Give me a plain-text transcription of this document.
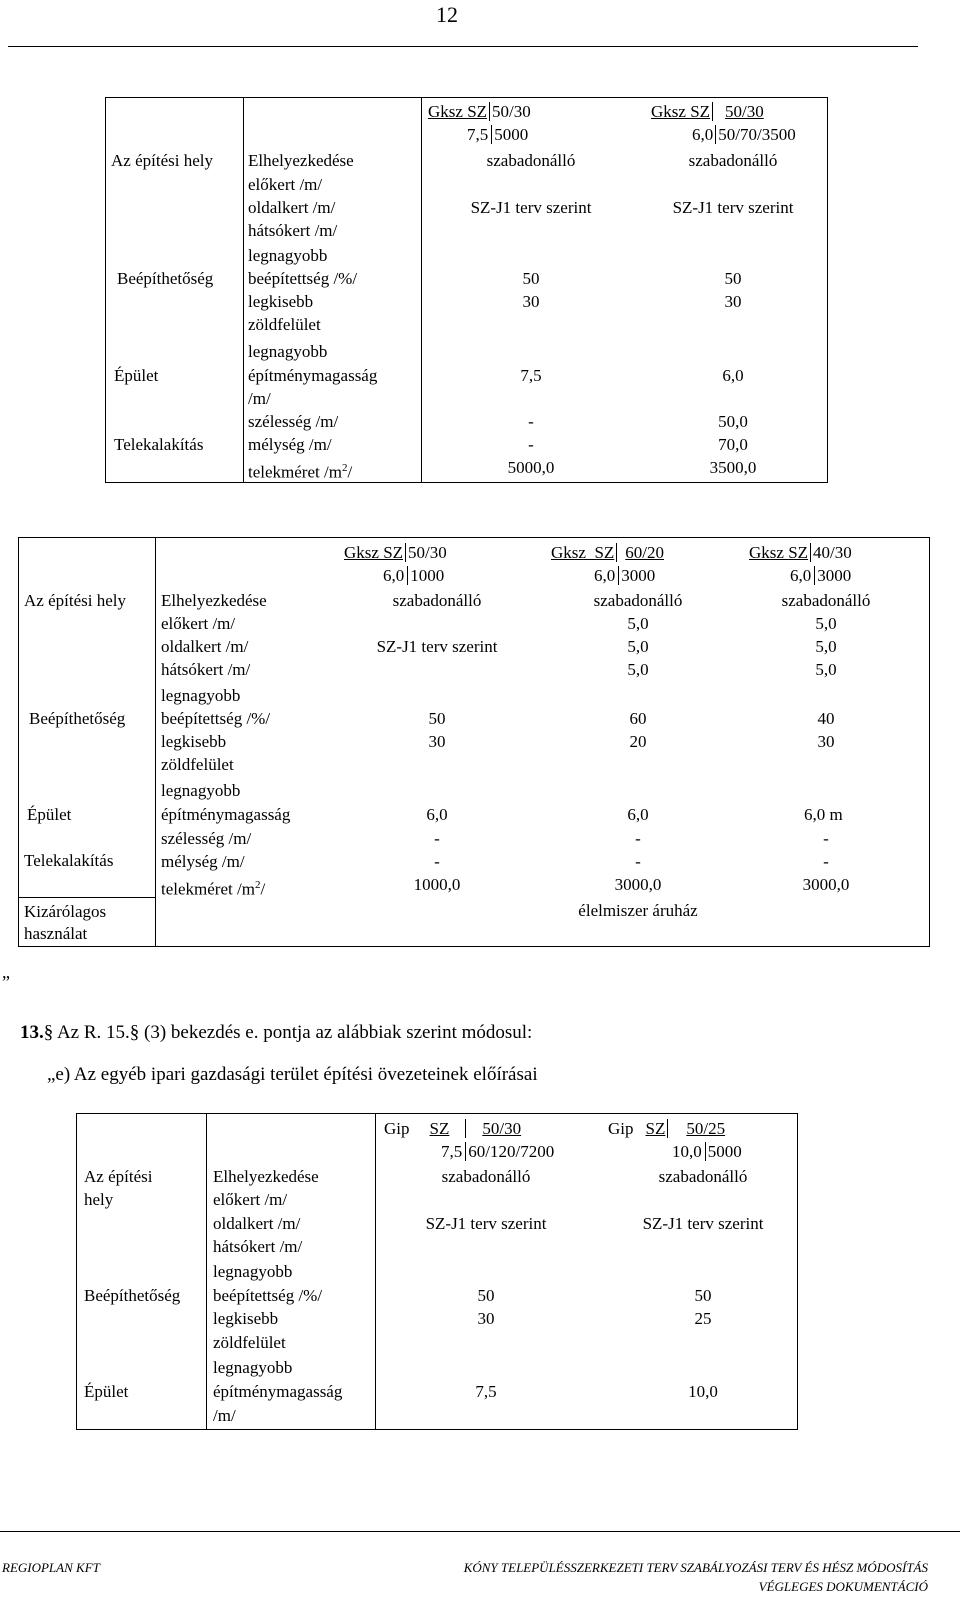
12
Gksz SZ 50/30
7,5 5000
Gksz SZ 50/30
6,0 50/70/3500
Az építési hely
Beépíthetőség
Épület
Telekalakítás
Elhelyezkedése
előkert /m/
oldalkert /m/
hátsókert /m/
legnagyobb
beépítettség /%/
legkisebb
zöldfelület
legnagyobb
építménymagasság
/m/
szélesség /m/
mélység /m/
telekméret $/m^2/$
szabadonálló
SZ-J1 terv szerint
50
30
7,5
-
-
5000,0
szabadonálló
SZ-J1 terv szerint
50
30
6,0
50,0
70,0
3500,0
Gksz SZ 50/30
6,0 1000
Gksz  SZ 60/20
6,0 3000
Gksz SZ 40/30
6,0 3000
Az építési hely
Beépíthetőség
Épület
Telekalakítás
Kizárólagos
használat
Elhelyezkedése
előkert /m/
oldalkert /m/
hátsókert /m/
legnagyobb
beépítettség /%/
legkisebb
zöldfelület
legnagyobb
építménymagasság
szélesség /m/
mélység /m/
telekméret $/m^2/$
szabadonálló
SZ-J1 terv szerint
50
30
6,0
-
-
1000,0
szabadonálló
5,0
5,0
5,0
60
20
6,0
-
-
3000,0
élelmiszer áruház
szabadonálló
5,0
5,0
5,0
40
30
6,0 m
-
-
3000,0
„
13.§ Az R. 15.§ (3) bekezdés e. pontja az alábbiak szerint módosul:
„e) Az egyéb ipari gazdasági terület építési övezeteinek előírásai
Gip SZ 50/30
7,5 60/120/7200
Gip SZ 50/25
10,0 5000
Az építési
hely
Beépíthetőség
Épület
Elhelyezkedése
előkert /m/
oldalkert /m/
hátsókert /m/
legnagyobb
beépítettség /%/
legkisebb
zöldfelület
legnagyobb
építménymagasság
/m/
szabadonálló
SZ-J1 terv szerint
50
30
7,5
szabadonálló
SZ-J1 terv szerint
50
25
10,0
REGIOPLAN KFT	KÓNY TELEPÜLÉSSZERKEZETI TERV SZABÁLYOZÁSI TERV ÉS HÉSZ MÓDOSÍTÁS
VÉGLEGES DOKUMENTÁCIÓ
